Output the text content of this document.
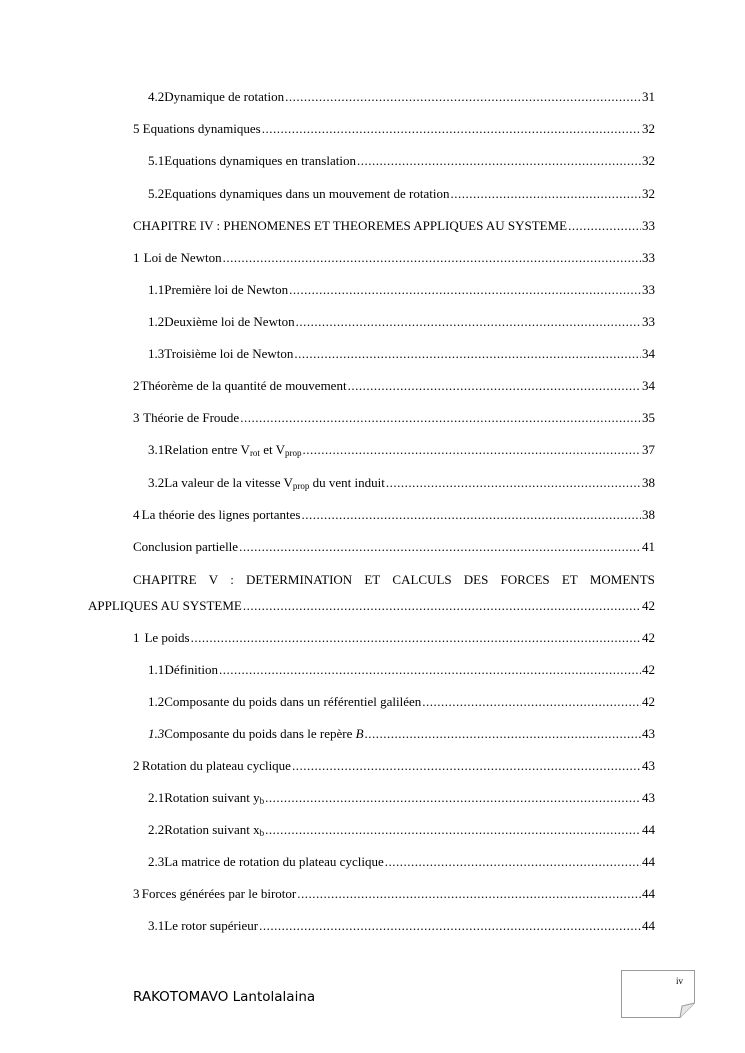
4.2 Dynamique de rotation .....	31
5 Equations dynamiques .....	32
5.1 Equations dynamiques en translation .....	32
5.2 Equations dynamiques dans un mouvement de rotation .....	32
CHAPITRE IV : PHENOMENES ET THEOREMES APPLIQUES AU SYSTEME .....	33
1 Loi de Newton .....	33
1.1 Première loi de Newton .....	33
1.2 Deuxième loi de Newton .....	33
1.3 Troisième loi de Newton .....	34
2 Théorème de la quantité de mouvement .....	34
3 Théorie de Froude .....	35
3.1 Relation entre $V_{rot}$ et $V_{prop}$ .....	37
3.2 La valeur de la vitesse $V_{prop}$ du vent induit .....	38
4 La théorie des lignes portantes .....	38
Conclusion partielle .....	41
CHAPITRE V : DETERMINATION ET CALCULS DES FORCES ET MOMENTS
APPLIQUES AU SYSTEME .....	42
1 Le poids .....	42
1.1 Définition .....	42
1.2 Composante du poids dans un référentiel galiléen .....	42
1.3 Composante du poids dans le repère B .....	43
2 Rotation du plateau cyclique .....	43
2.1 Rotation suivant $y_b$ .....	43
2.2 Rotation suivant $x_b$ .....	44
2.3 La matrice de rotation du plateau cyclique .....	44
3 Forces générées par le birotor .....	44
3.1 Le rotor supérieur .....	44
RAKOTOMAVO Lantolalaina
iv
